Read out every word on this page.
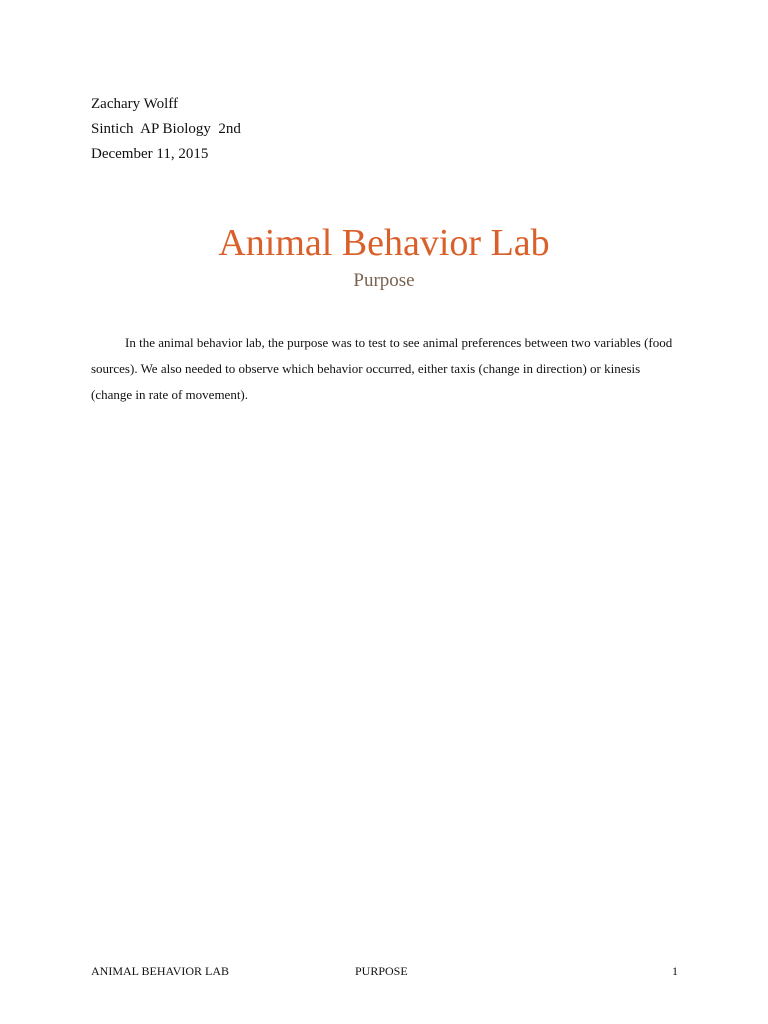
Zachary Wolff
Sintich  AP Biology  2nd
December 11, 2015
Animal Behavior Lab
Purpose

In the animal behavior lab, the purpose was to test to see animal preferences between two variables (food sources). We also needed to observe which behavior occurred, either taxis (change in direction) or kinesis (change in rate of movement).

ANIMAL BEHAVIOR LAB	PURPOSE	1
